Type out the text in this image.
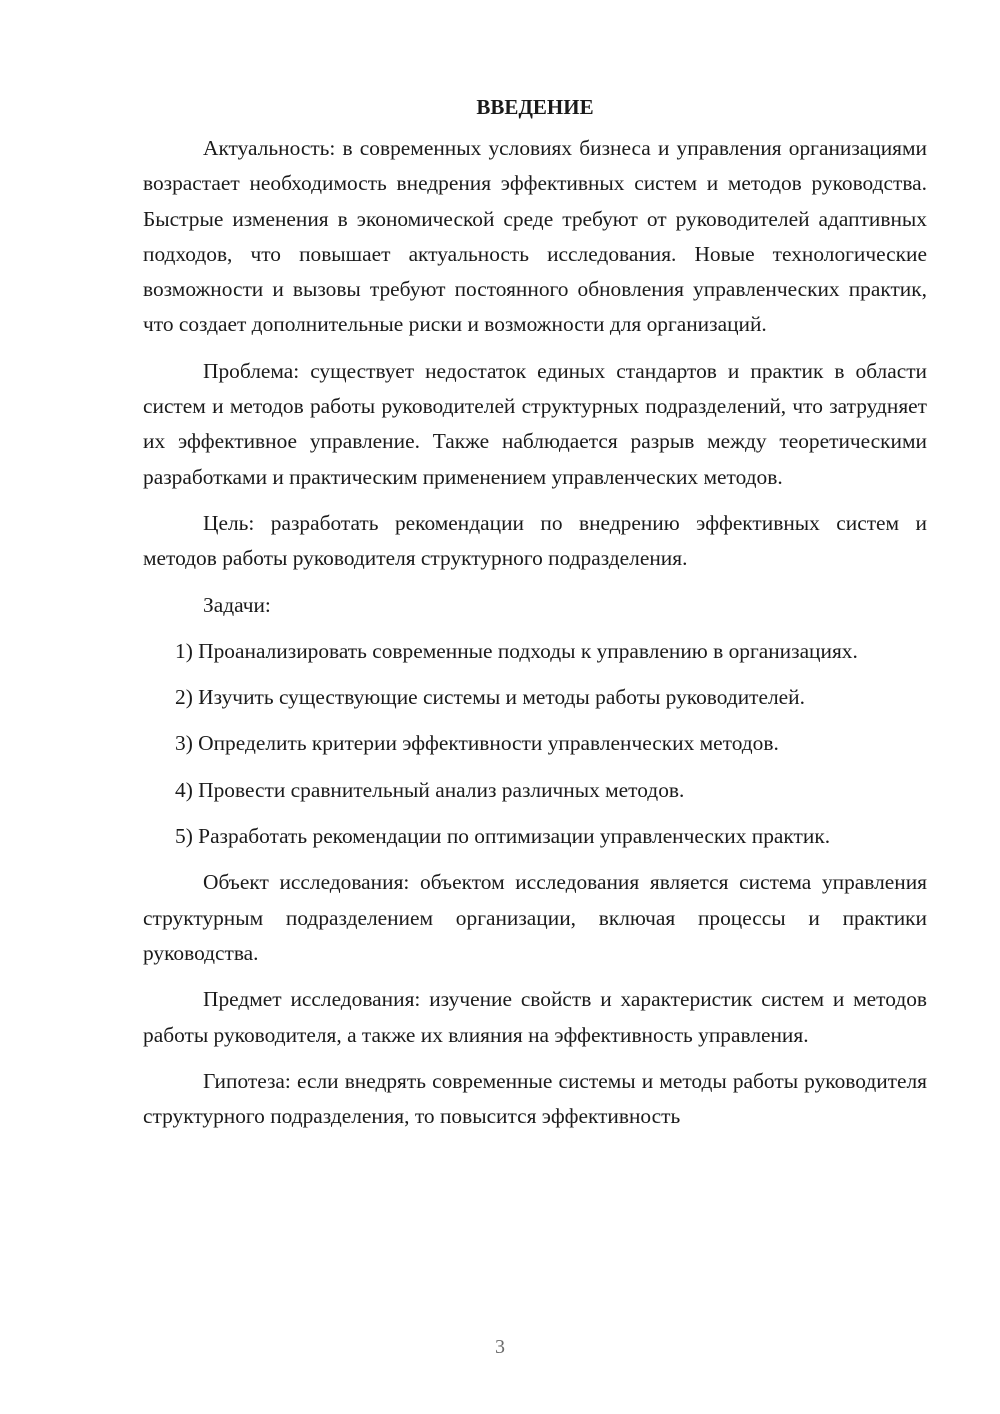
ВВЕДЕНИЕ

Актуальность: в современных условиях бизнеса и управления организациями возрастает необходимость внедрения эффективных систем и методов руководства. Быстрые изменения в экономической среде требуют от руководителей адаптивных подходов, что повышает актуальность исследования. Новые технологические возможности и вызовы требуют постоянного обновления управленческих практик, что создает дополнительные риски и возможности для организаций.

Проблема: существует недостаток единых стандартов и практик в области систем и методов работы руководителей структурных подразделений, что затрудняет их эффективное управление. Также наблюдается разрыв между теоретическими разработками и практическим применением управленческих методов.

Цель: разработать рекомендации по внедрению эффективных систем и методов работы руководителя структурного подразделения.

Задачи:

1) Проанализировать современные подходы к управлению в организациях.

2) Изучить существующие системы и методы работы руководителей.

3) Определить критерии эффективности управленческих методов.

4) Провести сравнительный анализ различных методов.

5) Разработать рекомендации по оптимизации управленческих практик.

Объект исследования: объектом исследования является система управления структурным подразделением организации, включая процессы и практики руководства.

Предмет исследования: изучение свойств и характеристик систем и методов работы руководителя, а также их влияния на эффективность управления.

Гипотеза: если внедрять современные системы и методы работы руководителя структурного подразделения, то повысится эффективность

3
